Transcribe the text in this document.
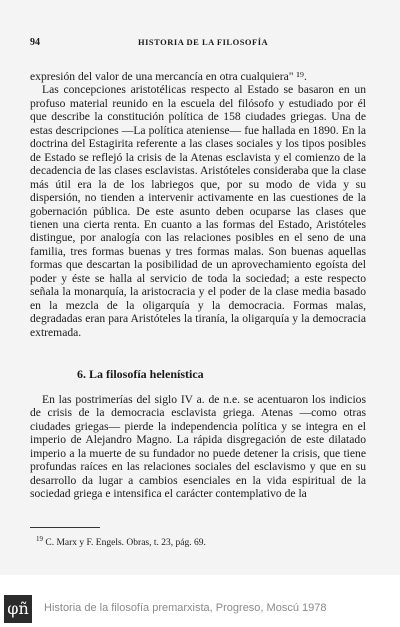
94	HISTORIA DE LA FILOSOFÍA

expresión del valor de una mercancía en otra cualquiera" ¹⁹.

Las concepciones aristotélicas respecto al Estado se basaron en un profuso material reunido en la escuela del filósofo y estudiado por él que describe la constitución política de 158 ciudades griegas. Una de estas descripciones —La política ateniense— fue hallada en 1890. En la doctrina del Estagirita referente a las clases sociales y los tipos posibles de Estado se reflejó la crisis de la Atenas esclavista y el comienzo de la decadencia de las clases esclavistas. Aristóteles consideraba que la clase más útil era la de los labriegos que, por su modo de vida y su dispersión, no tienden a intervenir activamente en las cuestiones de la gobernación pública. De este asunto deben ocuparse las clases que tienen una cierta renta. En cuanto a las formas del Estado, Aristóteles distingue, por analogía con las relaciones posibles en el seno de una familia, tres formas buenas y tres formas malas. Son buenas aquellas formas que descartan la posibilidad de un aprovechamiento egoísta del poder y éste se halla al servicio de toda la sociedad; a este respecto señala la monarquía, la aristocracia y el poder de la clase media basado en la mezcla de la oligarquía y la democracia. Formas malas, degradadas eran para Aristóteles la tiranía, la oligarquía y la democracia extremada.

6. La filosofía helenística

En las postrimerías del siglo IV a. de n.e. se acentuaron los indicios de crisis de la democracia esclavista griega. Atenas —como otras ciudades griegas— pierde la independencia política y se integra en el imperio de Alejandro Magno. La rápida disgregación de este dilatado imperio a la muerte de su fundador no puede detener la crisis, que tiene profundas raíces en las relaciones sociales del esclavismo y que en su desarrollo da lugar a cambios esenciales en la vida espiritual de la sociedad griega e intensifica el carácter contemplativo de la

$^{19}$ C. Marx y F. Engels. Obras, t. 23, pág. 69.
φñ Historia de la filosofía premarxista, Progreso, Moscú 1978
